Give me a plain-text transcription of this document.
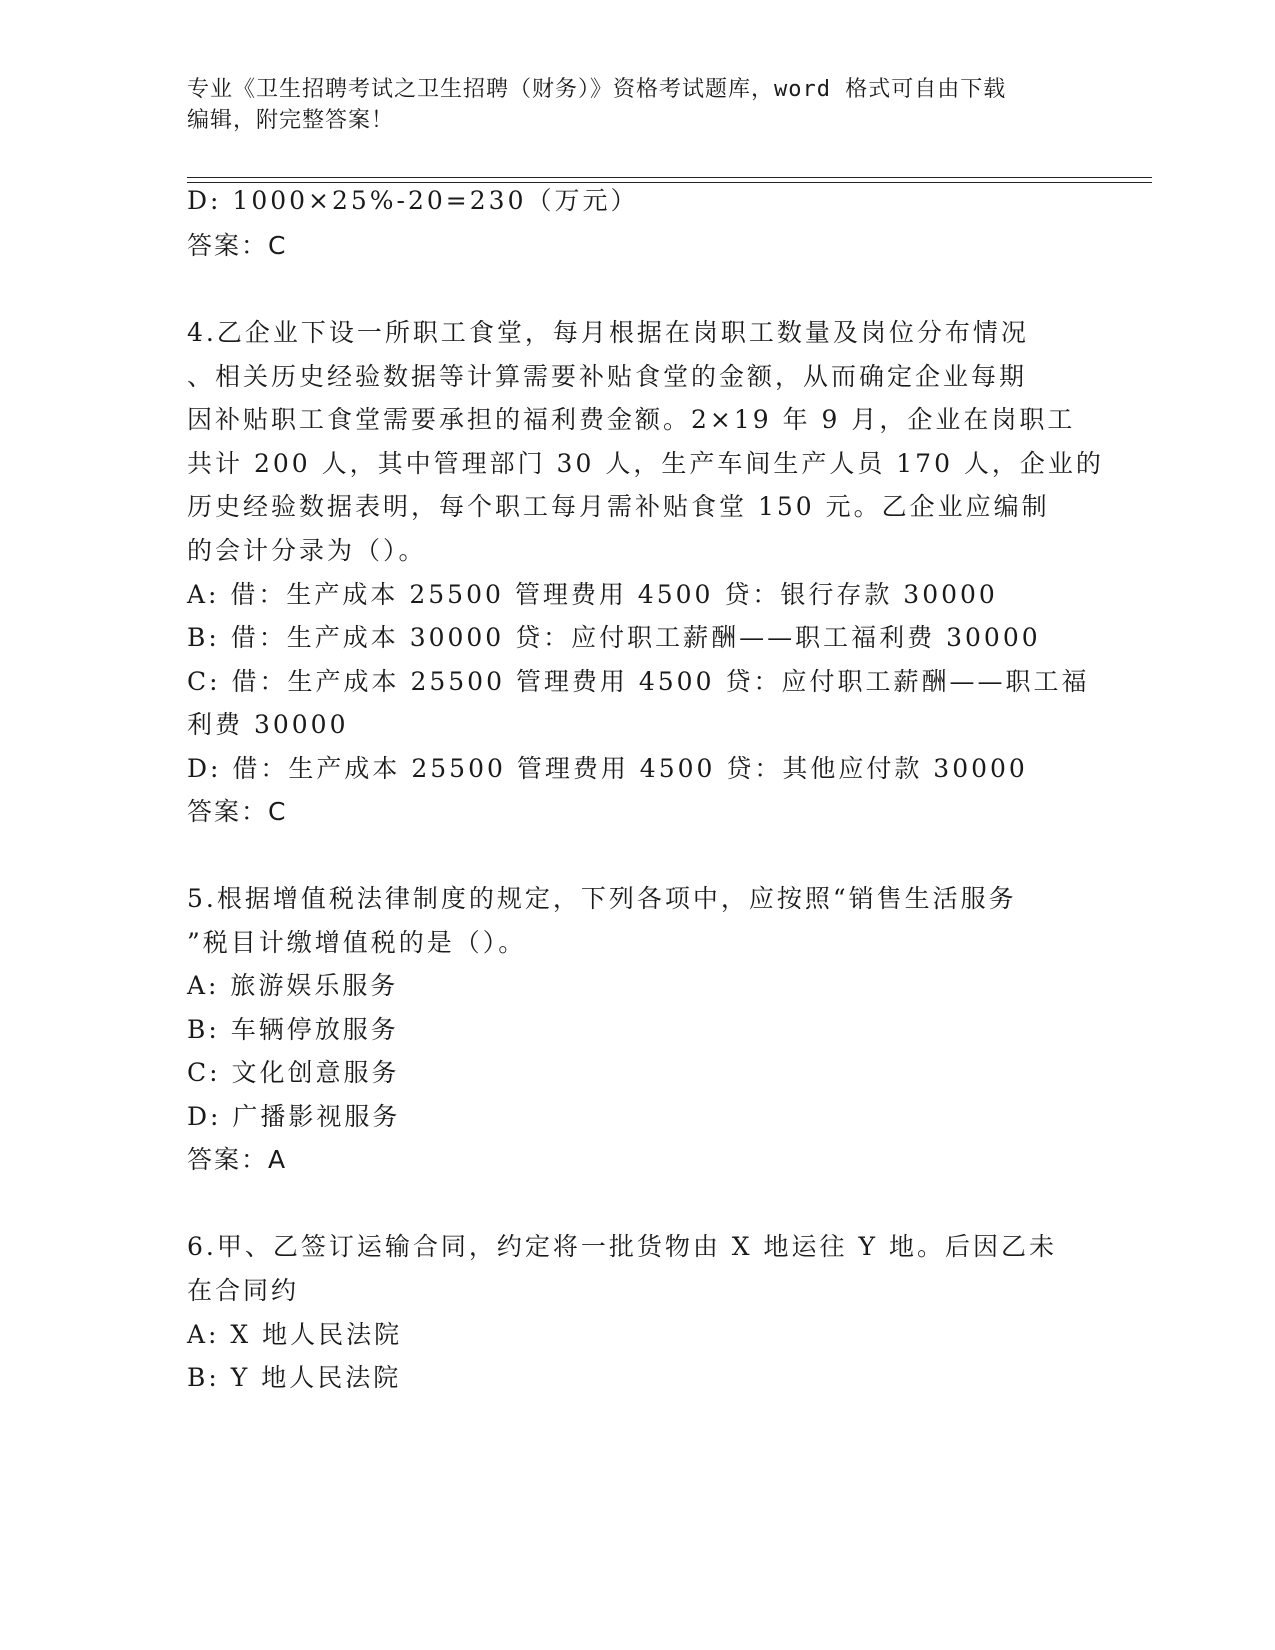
专业《卫生招聘考试之卫生招聘（财务）》资格考试题库，word 格式可自由下载
编辑，附完整答案！
D: 1000×25%-20=230（万元）
答案：C
4.乙企业下设一所职工食堂，每月根据在岗职工数量及岗位分布情况
、相关历史经验数据等计算需要补贴食堂的金额，从而确定企业每期
因补贴职工食堂需要承担的福利费金额。2×19 年 9 月，企业在岗职工
共计 200 人，其中管理部门 30 人，生产车间生产人员 170 人，企业的
历史经验数据表明，每个职工每月需补贴食堂 150 元。乙企业应编制
的会计分录为（）。
A: 借：生产成本 25500 管理费用 4500 贷：银行存款 30000
B: 借：生产成本 30000 贷：应付职工薪酬——职工福利费 30000
C: 借：生产成本 25500 管理费用 4500 贷：应付职工薪酬——职工福
利费 30000
D: 借：生产成本 25500 管理费用 4500 贷：其他应付款 30000
答案：C
5.根据增值税法律制度的规定，下列各项中，应按照“销售生活服务
”税目计缴增值税的是（）。
A: 旅游娱乐服务
B: 车辆停放服务
C: 文化创意服务
D: 广播影视服务
答案：A
6.甲、乙签订运输合同，约定将一批货物由 X 地运往 Y 地。后因乙未
在合同约
A: X 地人民法院
B: Y 地人民法院
